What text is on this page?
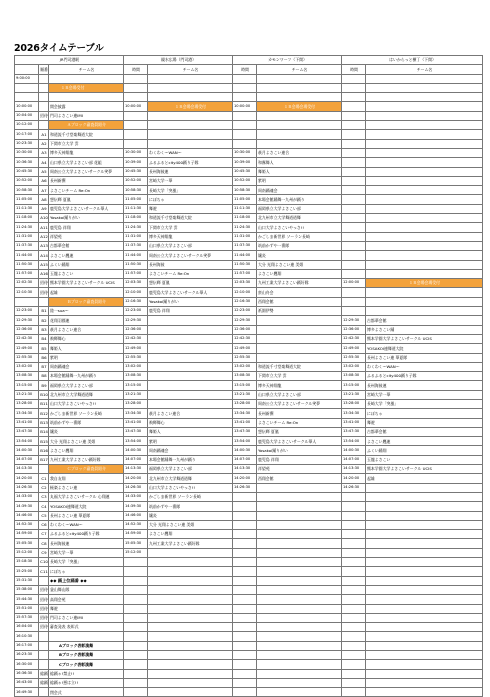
2026タイムテーブル
JR門司港駅			親水広場（門司港）		カモンワーフ（下関）		はいからっと横丁（下関）	
	順番	チーム名	時間	チーム名	時間	チーム名	時間	チーム名
9:00:00								
		１Ｒ会場受付						

10:00:00		開会披露	10:00:00	１Ｒ会場会場受付	10:00:00	１Ｒ会場会場受付		
10:04:00	招待	門司よさこい連IMI						
10:12:00		Ａブロック審査員紹介						
10:17:00	A1	和道流千寸堂楽舞道大院						
10:23:30	A2	下関市立大学 雲						
10:30:00	A3	博多天神翔龍	10:30:00	わくわく～WAN～	10:30:00	萩月よさこい連合		
10:36:30	A4	山口県立大学よさこい部 花組	10:39:00	ふるふるとcity400踊り子隊	10:39:00	和霧舞人		
10:45:30	A5	周南公立大学よさこいサークル笑夢	10:45:30	長州海鼓連	10:45:30	舞姫人		
10:52:00	A6	長州新撰	10:52:00	宮崎大学一華	10:52:00	紫明		
10:58:30	A7	よさこいチーム Re:On	10:58:30	長崎大学「突風」	10:58:30	周南踊魂会		
11:05:00	A8	想伝輝 夏嵐	11:05:00	にぽちゃ	11:05:00	本場会館踊舞一九州が踊り		
11:11:30	A9	鹿児島大学よさこいサークル華人	11:11:30	舞遊	11:11:30	福岡県立大学よさこい部		
11:18:00	A10	Yosakoi踊りがい	11:18:00	和道流千寸堂楽舞道大院	11:18:00	北九州市立大学舞道道舞		
11:24:30	A11	鹿児島 祥翔	11:24:30	下関市立大学 雲	11:24:30	山口大学よさこいやっさ!!		
11:31:00	A12	祥望苑	11:31:00	博多天神翔龍	11:31:00	かごしま新世界 ソーラン長崎		
11:37:30	A13	古都華会館	11:37:30	山口県立大学よさこい部	11:37:30	筑前かずや一番隊		
11:44:00	A14	よさこい鷹連	11:44:00	周南公立大学よさこいサークル笑夢	11:44:00	嬢炎		
11:50:30	A15	ふくい踊翔	11:50:30	長州海鼓	11:50:30	大分 光翔よさこい連 美姫		
11:57:00	A16	玉龍よさこい	11:57:00	よさこいチーム Re:On	11:57:00	よさこい鷹翔		
12:02:30	招待	熊本学園大学よさこいサークル UCIS	12:03:30	想伝輝 夏嵐	12:03:30	九州工業大学よさこい踊好隊	12:00:00	１Ｒ会場会場受付
12:10:30	招待	起雄	12:10:00	鹿児島大学よさこいサークル華人	12:10:00	蛮山舟会		
		Ｂブロック審査員紹介	12:16:30	Yosakoi踊りがい	12:16:30	西翔会館		
12:23:00	B1	陸一sua～	12:23:00	鹿児島 祥翔	12:23:00	祇園伊勢		
12:29:30	B2	花翔羽郡連	12:29:30		12:29:30		12:29:30	古都華会館
12:36:00	B3	萩月よさこい連合	12:36:00		12:36:00		12:36:00	博多よさこい踊
12:42:30	B4	飛輝舞心	12:42:30		12:42:30		12:42:30	熊本学園大学よさこいサークル UCIS
12:49:00	B5	舞姫人	12:49:00		12:49:00		12:49:00	YOSAKOI連舞道大院
12:55:30	B6	紫明	12:55:30		12:55:30		12:55:30	長州よさこい連 華夏隊
13:02:00	B7	周南踊魂会	13:02:00		13:02:00	和道流千寸堂楽舞道大院	13:02:00	わくわく～WAN～
13:08:30	B8	本場会館踊舞一九州が踊り	13:08:30		13:08:30	下関市立大学 雲	13:08:30	ふるふるとcity400踊り子隊
13:15:00	B9	福岡県立大学よさこい部	13:15:00		13:15:00	博多天神翔龍	13:15:00	長州海鼓連
13:21:30	B10	北九州市立大学舞道道舞	13:21:30		13:21:30	山口県立大学よさこい部	13:21:30	宮崎大学一華
13:28:00	B11	山口大学よさこいやっさ!!	13:28:00		13:28:00	周南公立大学よさこいサークル笑夢	13:28:00	長崎大学「突風」
13:34:30	B12	かごしま新世界 ソーラン長崎	13:34:30	萩月よさこい連合	13:34:30	長州新撰	13:34:30	にぽちゃ
13:41:00	B13	筑前かずや一番隊	13:41:00	飛輝舞心	13:41:00	よさこいチーム Re:On	13:41:00	舞遊
13:47:30	B14	嬢炎	13:47:30	舞姫人	13:47:30	想伝輝 夏嵐	13:47:30	古都華会館
13:54:00	B15	大分 光翔よさこい連 美姫	13:54:00	紫明	13:54:00	鹿児島大学よさこいサークル華人	13:54:00	よさこい鷹連
14:00:30	B16	よさこい鷹翔	14:00:30	周南踊魂会	14:00:30	Yosakoi踊りがい	14:00:30	ふくい踊翔
14:07:00	B17	九州工業大学よさこい踊好隊	14:07:00	本場会館踊舞一九州が踊り	14:07:00	鹿児島 祥翔	14:07:00	玉龍よさこい
14:13:30		Ｃブロック審査員紹介	14:13:30	福岡県立大学よさこい部	14:13:30	祥望苑	14:13:30	熊本学園大学よさこいサークル UCIS
14:20:00	C1	我自友翔	14:20:00	北九州市立大学舞道道舞	14:20:00	西翔会館	14:20:00	起雄
14:26:30	C2	極楽よさこい連	14:26:30	山口大学よさこいやっさ!!	14:26:30		14:26:30	
14:33:00	C3	丸福大学よさこいサークル 心翔連	14:33:00	かごしま新世界 ソーラン長崎				
14:39:30	C4	YOSAKOI連舞道大院	14:39:30	筑前かずや一番隊				
14:46:00	C5	長州よさこい連 華夏隊	14:46:00	嬢炎				
14:52:30	C6	わくわく～WAN～	14:52:30	大分 光翔よさこい連 美姫				
14:59:00	C7	ふるふるとcity400踊り子隊	14:59:00	よさこい鷹翔				
15:05:30	C8	長州海鼓連	15:05:30	九州工業大学よさこい踊好隊				
15:12:00	C9	宮崎大学一華	15:12:00					
15:18:30	C10	長崎大学「突風」						
15:25:00	C11	にぽちゃ						
15:31:30		◆◆ 踊上位踊番 ◆◆						
15:38:00	招待	釜山舞山隊						
15:44:30	招待	高翔会苑						
15:51:00	招待	舞遊						
15:57:30	招待	門司よさこい連IMI						
16:04:00	招待	審査発表 表彰式						
16:10:30								
16:17:00		Aブロック表彰演舞						
16:23:30		Bブロック表彰演舞						
16:30:00		Cブロック表彰演舞						
16:36:30	総踊	総踊ゃ!禁止!!						
16:43:00	総踊	総踊ゃ!悪は立!!						
16:49:30		閉会式						
